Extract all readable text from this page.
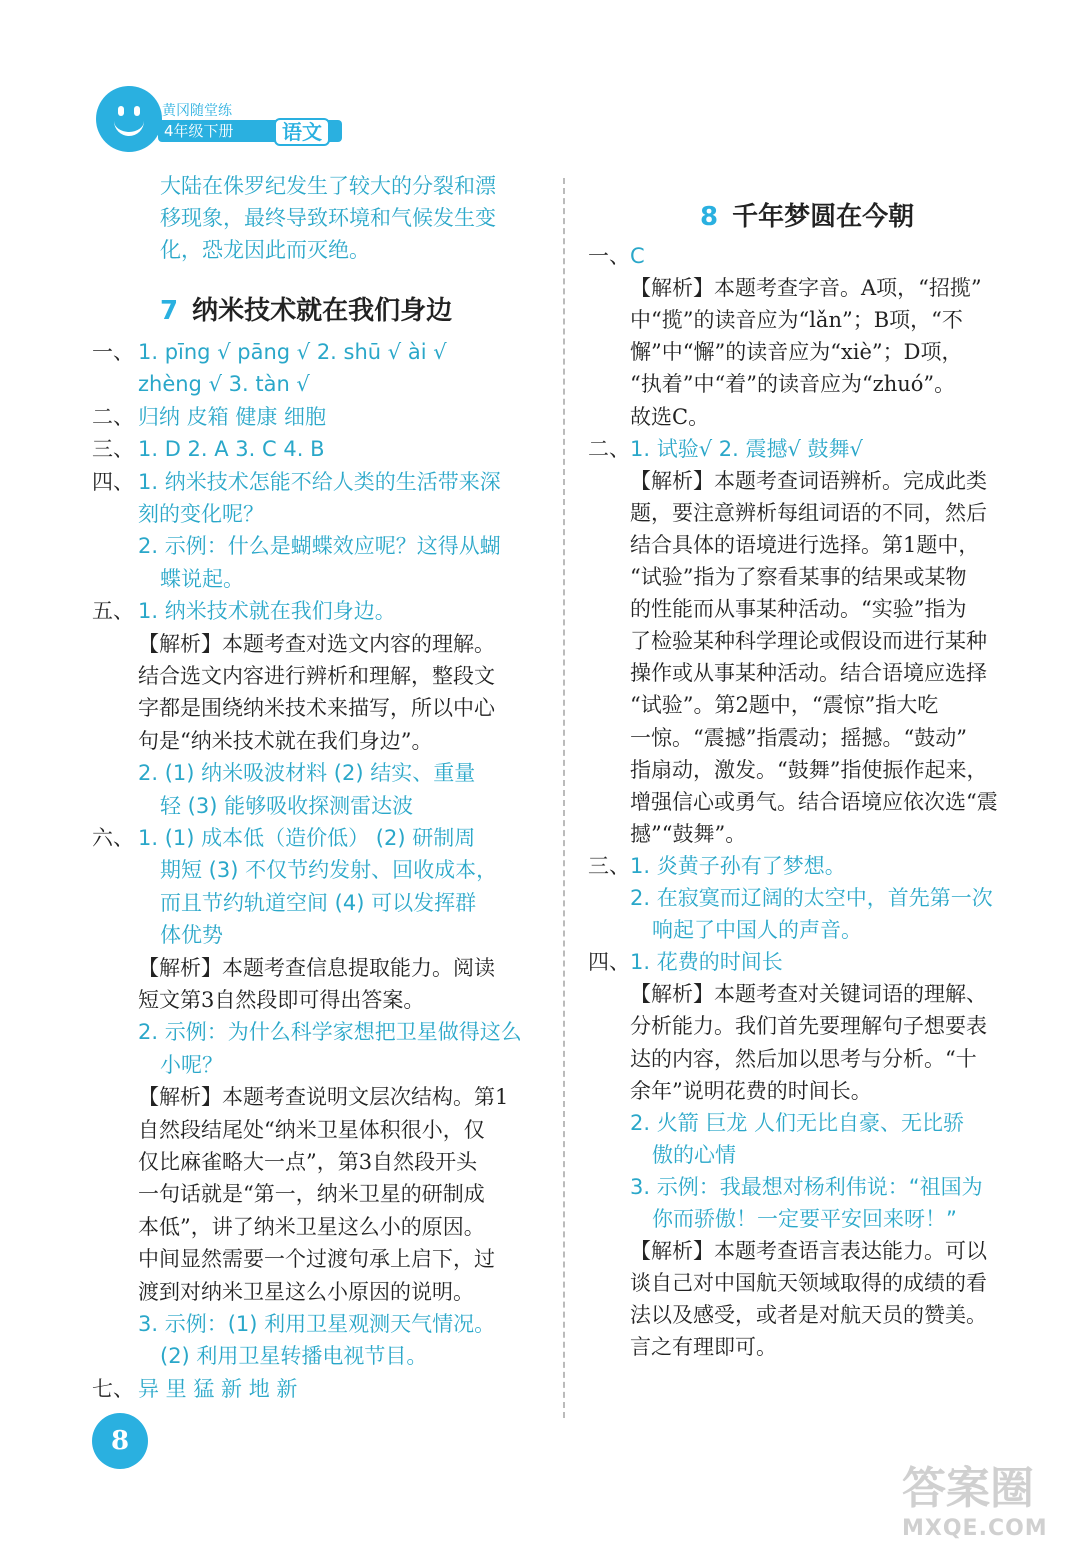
黄冈随堂练
4年级下册	语文
大陆在侏罗纪发生了较大的分裂和漂
移现象，最终导致环境和气候发生变
化，恐龙因此而灭绝。
7 纳米技术就在我们身边
一、 1. pīng √ pāng √ 2. shū √ ài √
zhèng √ 3. tàn √
二、 归纳 皮箱 健康 细胞
三、 1. D 2. A 3. C 4. B
四、 1. 纳米技术怎能不给人类的生活带来深
刻的变化呢？
2. 示例：什么是蝴蝶效应呢？这得从蝴
蝶说起。
五、 1. 纳米技术就在我们身边。
【解析】本题考查对选文内容的理解。
结合选文内容进行辨析和理解，整段文
字都是围绕纳米技术来描写，所以中心
句是“纳米技术就在我们身边”。
2. (1) 纳米吸波材料 (2) 结实、重量
轻 (3) 能够吸收探测雷达波
六、 1. (1) 成本低（造价低） (2) 研制周
期短 (3) 不仅节约发射、回收成本，
而且节约轨道空间 (4) 可以发挥群
体优势
【解析】本题考查信息提取能力。阅读
短文第3自然段即可得出答案。
2. 示例：为什么科学家想把卫星做得这么
小呢？
【解析】本题考查说明文层次结构。第1
自然段结尾处“纳米卫星体积很小，仅
仅比麻雀略大一点”，第3自然段开头
一句话就是“第一，纳米卫星的研制成
本低”，讲了纳米卫星这么小的原因。
中间显然需要一个过渡句承上启下，过
渡到对纳米卫星这么小原因的说明。
3. 示例：(1) 利用卫星观测天气情况。
(2) 利用卫星转播电视节目。
七、 异 里 猛 新 地 新
8 千年梦圆在今朝
一、 C
【解析】本题考查字音。A项，“招揽”
中“揽”的读音应为“lǎn”；B项，“不
懈”中“懈”的读音应为“xiè”；D项，
“执着”中“着”的读音应为“zhuó”。
故选C。
二、 1. 试验√ 2. 震撼√ 鼓舞√
【解析】本题考查词语辨析。完成此类
题，要注意辨析每组词语的不同，然后
结合具体的语境进行选择。第1题中，
“试验”指为了察看某事的结果或某物
的性能而从事某种活动。“实验”指为
了检验某种科学理论或假设而进行某种
操作或从事某种活动。结合语境应选择
“试验”。第2题中，“震惊”指大吃
一惊。“震撼”指震动；摇撼。“鼓动”
指扇动，激发。“鼓舞”指使振作起来，
增强信心或勇气。结合语境应依次选“震
撼”“鼓舞”。
三、 1. 炎黄子孙有了梦想。
2. 在寂寞而辽阔的太空中，首先第一次
响起了中国人的声音。
四、 1. 花费的时间长
【解析】本题考查对关键词语的理解、
分析能力。我们首先要理解句子想要表
达的内容，然后加以思考与分析。“十
余年”说明花费的时间长。
2. 火箭 巨龙 人们无比自豪、无比骄
傲的心情
3. 示例：我最想对杨利伟说：“祖国为
你而骄傲！一定要平安回来呀！”
【解析】本题考查语言表达能力。可以
谈自己对中国航天领域取得的成绩的看
法以及感受，或者是对航天员的赞美。
言之有理即可。
8
答案圈
MXQE.COM
